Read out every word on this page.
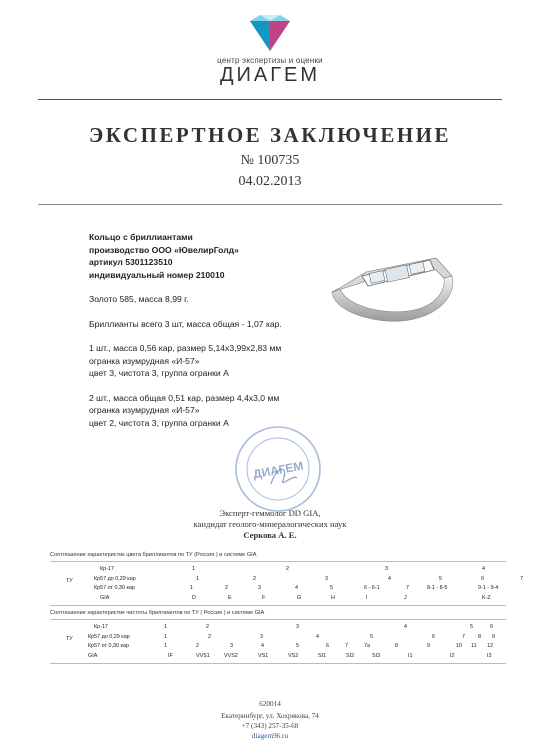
центр экспертизы и оценки
ДИАГЕМ
ЭКСПЕРТНОЕ ЗАКЛЮЧЕНИЕ
№ 100735
04.02.2013
Кольцо с бриллиантами
производство ООО «ЮвелирГолд»
артикул 5301123510
индивидуальный номер 210010
Золото 585, масса 8,99 г.
Бриллианты всего 3 шт, масса общая - 1,07 кар.
1 шт., масса 0,56 кар, размер 5,14х3,99х2,83 мм
огранка изумрудная «И-57»
цвет 3, чистота 3, группа огранки А
2 шт., масса общая 0,51 кар, размер 4,4х3,0 мм
огранка изумрудная «И-57»
цвет 2, чистота 3, группа огранки А
ДИАГЕМ
Эксперт-геммолог DD GIA,
кандидат геолого-минералогических наук
Серкова А. Е.
Соотношение характеристик цвета бриллиантов по ТУ (Россия ) и системе GIA
ТУ
Кр-17	1	2	3	4
Кр57 до 0,29 кар	1	2	3	4	5	6	7
Кр57 от 0,30 кар	1	2	3	4	5	6 - 6-1	7	8-1 - 8-5	9-1 - 9-4
GIA	D	E	F	G	H	I	J	K-Z
Соотношение характеристик чистоты бриллиантов по ТУ ( Россия ) и системе GIA
ТУ
Кр-17	1	2	3	4	5	6
Кр57 до 0,29 кар	1	2	3	4	5	6	7 8 9
Кр57 от 0,30 кар	1	2	3	4	5	6	7	7а	8	9	10 11 12
GIA	IF	VVS1	VVS2	VS1	VS2	SI1	SI2	SI3	I1	I2	I3
620014
Екатеринбург, ул. Хохрякова, 74
+7 (343) 257-35-68
diagem96.ru
